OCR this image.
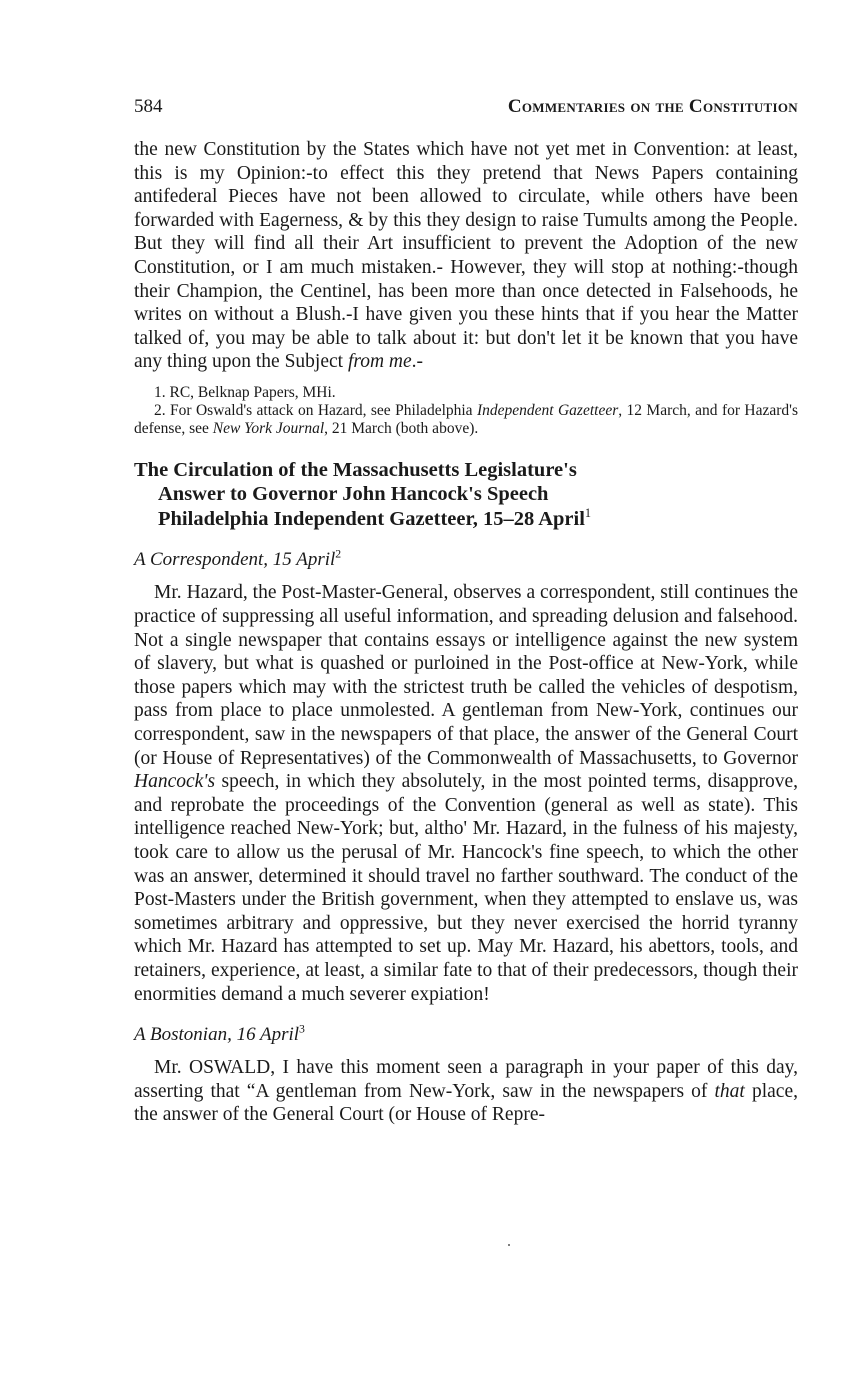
584	Commentaries on the Constitution

the new Constitution by the States which have not yet met in Convention: at least, this is my Opinion:-to effect this they pretend that News Papers containing antifederal Pieces have not been allowed to circulate, while others have been forwarded with Eagerness, & by this they design to raise Tumults among the People. But they will find all their Art insufficient to prevent the Adoption of the new Constitution, or I am much mistaken.- However, they will stop at nothing:-though their Champion, the Centinel, has been more than once detected in Falsehoods, he writes on without a Blush.-I have given you these hints that if you hear the Matter talked of, you may be able to talk about it: but don't let it be known that you have any thing upon the Subject from me.-

1. RC, Belknap Papers, MHi.

2. For Oswald's attack on Hazard, see Philadelphia Independent Gazetteer, 12 March, and for Hazard's defense, see New York Journal, 21 March (both above).

The Circulation of the Massachusetts Legislature's
Answer to Governor John Hancock's Speech
Philadelphia Independent Gazetteer, 15–28 April$^1$
A Correspondent, 15 April$^2$

Mr. Hazard, the Post-Master-General, observes a correspondent, still continues the practice of suppressing all useful information, and spreading delusion and falsehood. Not a single newspaper that contains essays or intelligence against the new system of slavery, but what is quashed or purloined in the Post-office at New-York, while those papers which may with the strictest truth be called the vehicles of despotism, pass from place to place unmolested. A gentleman from New-York, continues our correspondent, saw in the newspapers of that place, the answer of the General Court (or House of Representatives) of the Commonwealth of Massachusetts, to Governor Hancock's speech, in which they absolutely, in the most pointed terms, disapprove, and reprobate the proceedings of the Convention (general as well as state). This intelligence reached New-York; but, altho' Mr. Hazard, in the fulness of his majesty, took care to allow us the perusal of Mr. Hancock's fine speech, to which the other was an answer, determined it should travel no farther southward. The conduct of the Post-Masters under the British government, when they attempted to enslave us, was sometimes arbitrary and oppressive, but they never exercised the horrid tyranny which Mr. Hazard has attempted to set up. May Mr. Hazard, his abettors, tools, and retainers, experience, at least, a similar fate to that of their predecessors, though their enormities demand a much severer expiation!

A Bostonian, 16 April$^3$

Mr. OSWALD, I have this moment seen a paragraph in your paper of this day, asserting that “A gentleman from New-York, saw in the newspapers of that place, the answer of the General Court (or House of Repre-
